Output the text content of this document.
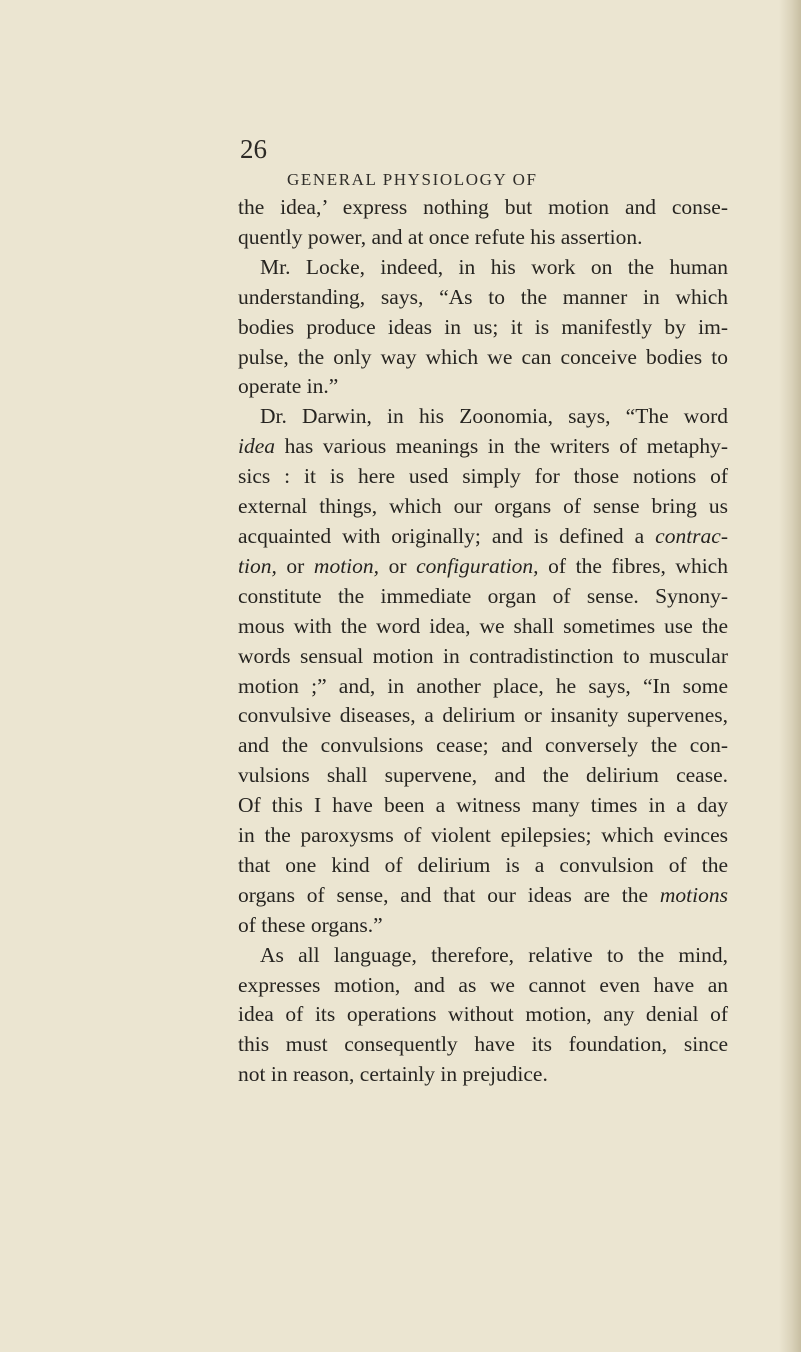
26
GENERAL PHYSIOLOGY OF
the idea,’ express nothing but motion and conse-
quently power, and at once refute his assertion.
Mr. Locke, indeed, in his work on the human
understanding, says, “As to the manner in which
bodies produce ideas in us; it is manifestly by im-
pulse, the only way which we can conceive bodies to
operate in.”
Dr. Darwin, in his Zoonomia, says, “The word
idea has various meanings in the writers of metaphy-
sics : it is here used simply for those notions of
external things, which our organs of sense bring us
acquainted with originally; and is defined a contrac-
tion, or motion, or configuration, of the fibres, which
constitute the immediate organ of sense. Synony-
mous with the word idea, we shall sometimes use the
words sensual motion in contradistinction to muscular
motion ;” and, in another place, he says, “In some
convulsive diseases, a delirium or insanity supervenes,
and the convulsions cease; and conversely the con-
vulsions shall supervene, and the delirium cease.
Of this I have been a witness many times in a day
in the paroxysms of violent epilepsies; which evinces
that one kind of delirium is a convulsion of the
organs of sense, and that our ideas are the motions
of these organs.”
As all language, therefore, relative to the mind,
expresses motion, and as we cannot even have an
idea of its operations without motion, any denial of
this must consequently have its foundation, since
not in reason, certainly in prejudice.
